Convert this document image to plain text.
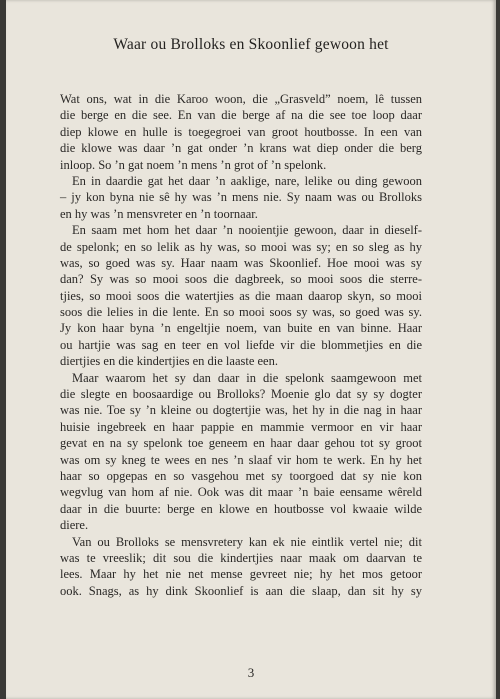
Waar ou Brolloks en Skoonlief gewoon het
Wat ons, wat in die Karoo woon, die „Grasveld” noem, lê tussen
die berge en die see. En van die berge af na die see toe loop daar
diep klowe en hulle is toegegroei van groot houtbosse. In een van
die klowe was daar ’n gat onder ’n krans wat diep onder die berg
inloop. So ’n gat noem ’n mens ’n grot of ’n spelonk.
En in daardie gat het daar ’n aaklige, nare, lelike ou ding gewoon
– jy kon byna nie sê hy was ’n mens nie. Sy naam was ou Brolloks
en hy was ’n mensvreter en ’n toornaar.
En saam met hom het daar ’n nooientjie gewoon, daar in dieself-
de spelonk; en so lelik as hy was, so mooi was sy; en so sleg as hy
was, so goed was sy. Haar naam was Skoonlief. Hoe mooi was sy
dan? Sy was so mooi soos die dagbreek, so mooi soos die sterre-
tjies, so mooi soos die watertjies as die maan daarop skyn, so mooi
soos die lelies in die lente. En so mooi soos sy was, so goed was sy.
Jy kon haar byna ’n engeltjie noem, van buite en van binne. Haar
ou hartjie was sag en teer en vol liefde vir die blommetjies en die
diertjies en die kindertjies en die laaste een.
Maar waarom het sy dan daar in die spelonk saamgewoon met
die slegte en boosaardige ou Brolloks? Moenie glo dat sy sy dogter
was nie. Toe sy ’n kleine ou dogtertjie was, het hy in die nag in haar
huisie ingebreek en haar pappie en mammie vermoor en vir haar
gevat en na sy spelonk toe geneem en haar daar gehou tot sy groot
was om sy kneg te wees en nes ’n slaaf vir hom te werk. En hy het
haar so opgepas en so vasgehou met sy toorgoed dat sy nie kon
wegvlug van hom af nie. Ook was dit maar ’n baie eensame wêreld
daar in die buurte: berge en klowe en houtbosse vol kwaaie wilde
diere.
Van ou Brolloks se mensvretery kan ek nie eintlik vertel nie; dit
was te vreeslik; dit sou die kindertjies naar maak om daarvan te
lees. Maar hy het nie net mense gevreet nie; hy het mos getoor
ook. Snags, as hy dink Skoonlief is aan die slaap, dan sit hy sy
3
